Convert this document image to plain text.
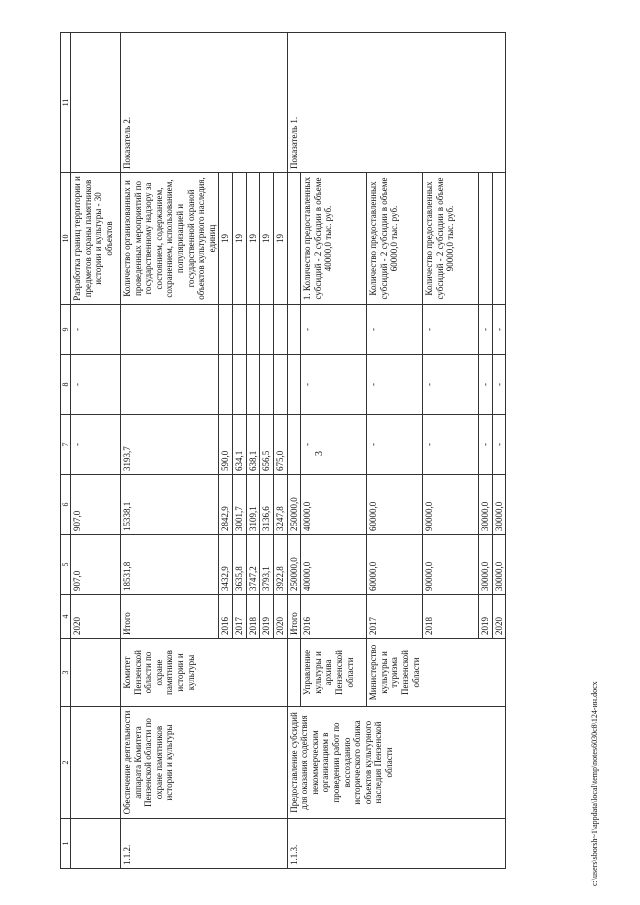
3
1	2	3	4	5	6	7	8	9	10	11
			2020	907,0	907,0	-	-	-	Разработка границ территории и предметов охраны памятников истории и культуры - 30 объектов	
1.1.2.	Обеспечение деятельности аппарата Комитета Пензенской области по охране памятников истории и культуры	Комитет Пензенской области по охране памятников истории и культуры	Итого	18531,8	15338,1	3193,7			Количество организованных и проведенных мероприятий по государственному надзору за состоянием, содержанием, сохранением, использованием, популяризацией и государственной охраной объектов культурного наследия, единиц	Показатель 2.
			2016	3432,9	2842,9	590,0			19	
			2017	3635,8	3001,7	634,1			19	
			2018	3747,2	3109,1	638,1			19	
			2019	3793,1	3136,6	656,5			19	
			2020	3922,8	3247,8	675,0			19	
1.1.3.	Предоставление субсидий для оказания содействия некоммерческим организациям в проведении работ по воссозданию исторического облика объектов культурного наследия Пензенской области		Итого	250000,0	250000,0					Показатель 1.
		Управление культуры и архива Пензенской области	2016	40000,0	40000,0	-	-	-	1. Количество предоставленных субсидий - 2 субсидии в объеме 40000,0 тыс. руб.	
		Министерство культуры и туризма Пензенской области	2017	60000,0	60000,0	-	-	-	Количество предоставленных субсидий - 2 субсидии в объеме 60000,0 тыс. руб.	
			2018	90000,0	90000,0	-	-	-	Количество предоставленных субсидий - 2 субсидии в объеме 90000,0 тыс. руб.	
			2019	30000,0	30000,0	-	-	-		
			2020	30000,0	30000,0	-	-	-		
c:\users\sborsh~1\appdata\local\temp\notes6030c8\124-ин.docx
